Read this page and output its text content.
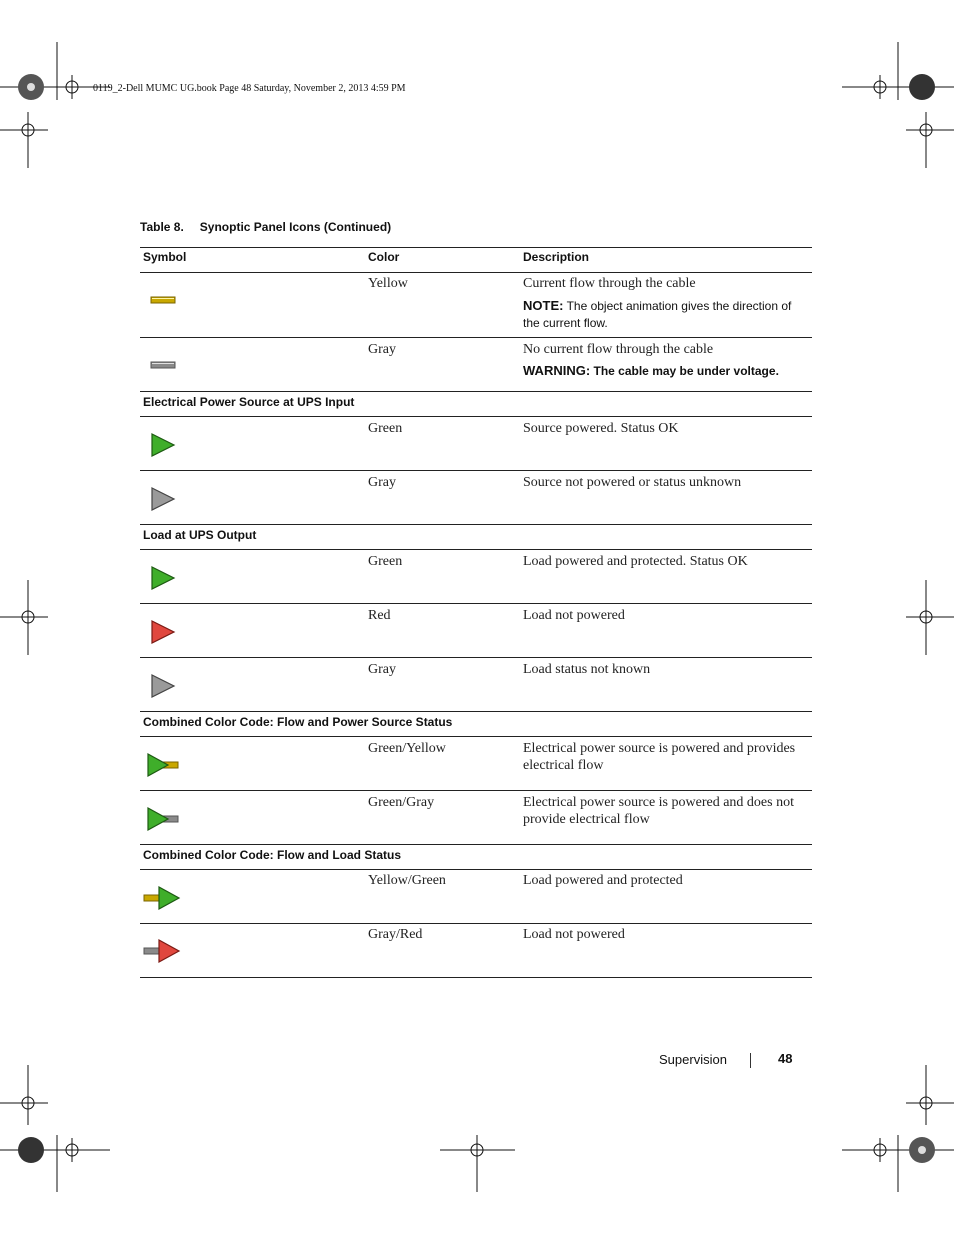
0119_2-Dell MUMC UG.book Page 48 Saturday, November 2, 2013 4:59 PM
Table 8. Synoptic Panel Icons (Continued)
Symbol	Color	Description
Yellow	Current flow through the cable
NOTE: The object animation gives the direction of the current flow.
Gray	No current flow through the cable
WARNING: The cable may be under voltage.
Electrical Power Source at UPS Input
Green	Source powered. Status OK
Gray	Source not powered or status unknown
Load at UPS Output
Green	Load powered and protected. Status OK
Red	Load not powered
Gray	Load status not known
Combined Color Code: Flow and Power Source Status
Green/Yellow	Electrical power source is powered and provides electrical flow
Green/Gray	Electrical power source is powered and does not provide electrical flow
Combined Color Code: Flow and Load Status
Yellow/Green	Load powered and protected
Gray/Red	Load not powered
Supervision	48
